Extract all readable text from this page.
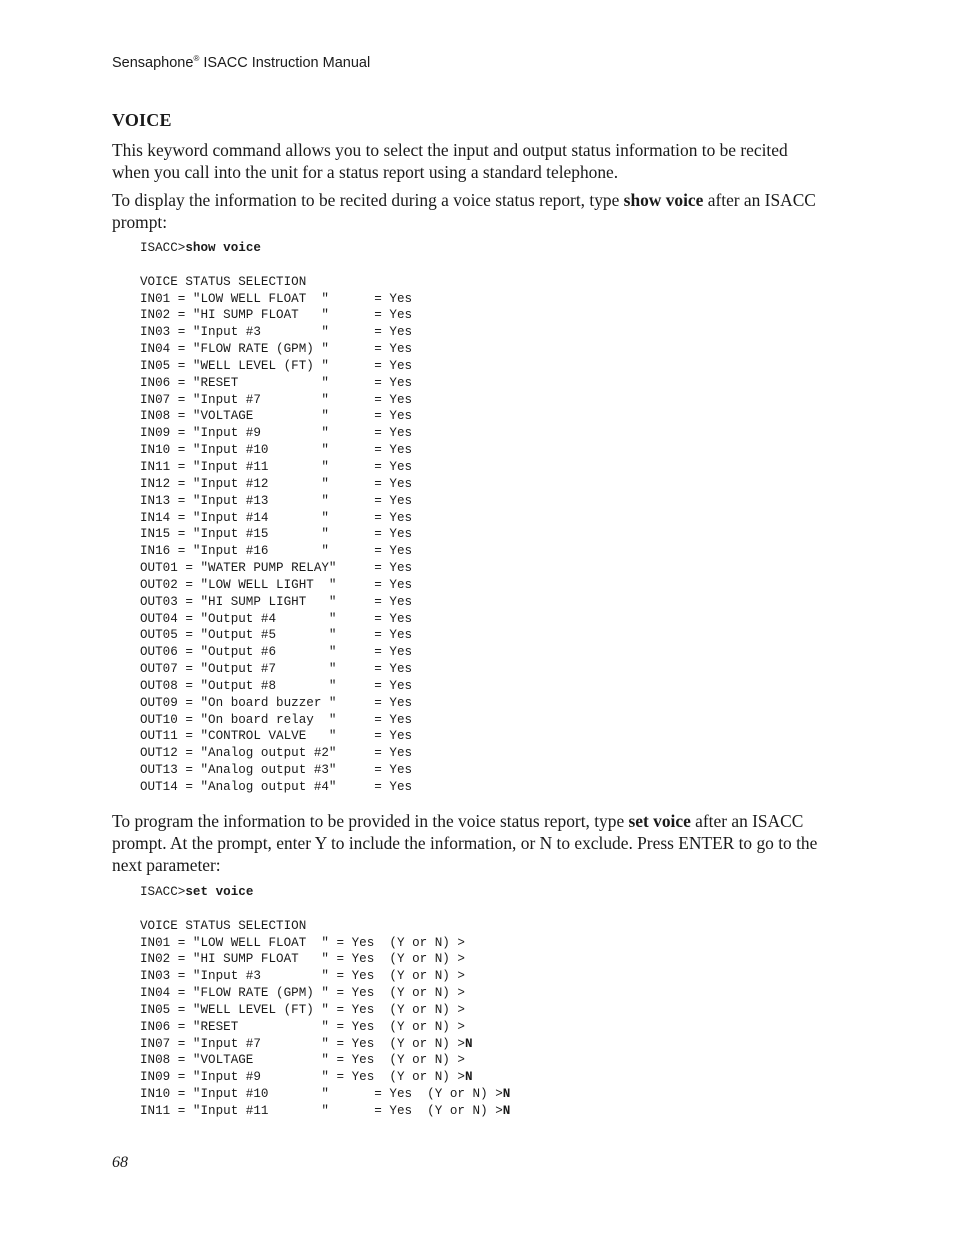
Sensaphone® ISACC Instruction Manual
VOICE

This keyword command allows you to select the input and output status information to be recited when you call into the unit for a status report using a standard telephone.

To display the information to be recited during a voice status report, type show voice after an ISACC prompt:

ISACC>show voice

VOICE STATUS SELECTION
IN01 = "LOW WELL FLOAT  "      = Yes
IN02 = "HI SUMP FLOAT   "      = Yes
IN03 = "Input #3        "      = Yes
IN04 = "FLOW RATE (GPM) "      = Yes
IN05 = "WELL LEVEL (FT) "      = Yes
IN06 = "RESET           "      = Yes
IN07 = "Input #7        "      = Yes
IN08 = "VOLTAGE         "      = Yes
IN09 = "Input #9        "      = Yes
IN10 = "Input #10       "      = Yes
IN11 = "Input #11       "      = Yes
IN12 = "Input #12       "      = Yes
IN13 = "Input #13       "      = Yes
IN14 = "Input #14       "      = Yes
IN15 = "Input #15       "      = Yes
IN16 = "Input #16       "      = Yes
OUT01 = "WATER PUMP RELAY"     = Yes
OUT02 = "LOW WELL LIGHT  "     = Yes
OUT03 = "HI SUMP LIGHT   "     = Yes
OUT04 = "Output #4       "     = Yes
OUT05 = "Output #5       "     = Yes
OUT06 = "Output #6       "     = Yes
OUT07 = "Output #7       "     = Yes
OUT08 = "Output #8       "     = Yes
OUT09 = "On board buzzer "     = Yes
OUT10 = "On board relay  "     = Yes
OUT11 = "CONTROL VALVE   "     = Yes
OUT12 = "Analog output #2"     = Yes
OUT13 = "Analog output #3"     = Yes
OUT14 = "Analog output #4"     = Yes

To program the information to be provided in the voice status report, type set voice after an ISACC prompt. At the prompt, enter Y to include the information, or N to exclude. Press ENTER to go to the next parameter:

ISACC>set voice

VOICE STATUS SELECTION
IN01 = "LOW WELL FLOAT  " = Yes  (Y or N) >
IN02 = "HI SUMP FLOAT   " = Yes  (Y or N) >
IN03 = "Input #3        " = Yes  (Y or N) >
IN04 = "FLOW RATE (GPM) " = Yes  (Y or N) >
IN05 = "WELL LEVEL (FT) " = Yes  (Y or N) >
IN06 = "RESET           " = Yes  (Y or N) >
IN07 = "Input #7        " = Yes  (Y or N) >N
IN08 = "VOLTAGE         " = Yes  (Y or N) >
IN09 = "Input #9        " = Yes  (Y or N) >N
IN10 = "Input #10       "      = Yes  (Y or N) >N
IN11 = "Input #11       "      = Yes  (Y or N) >N
68
